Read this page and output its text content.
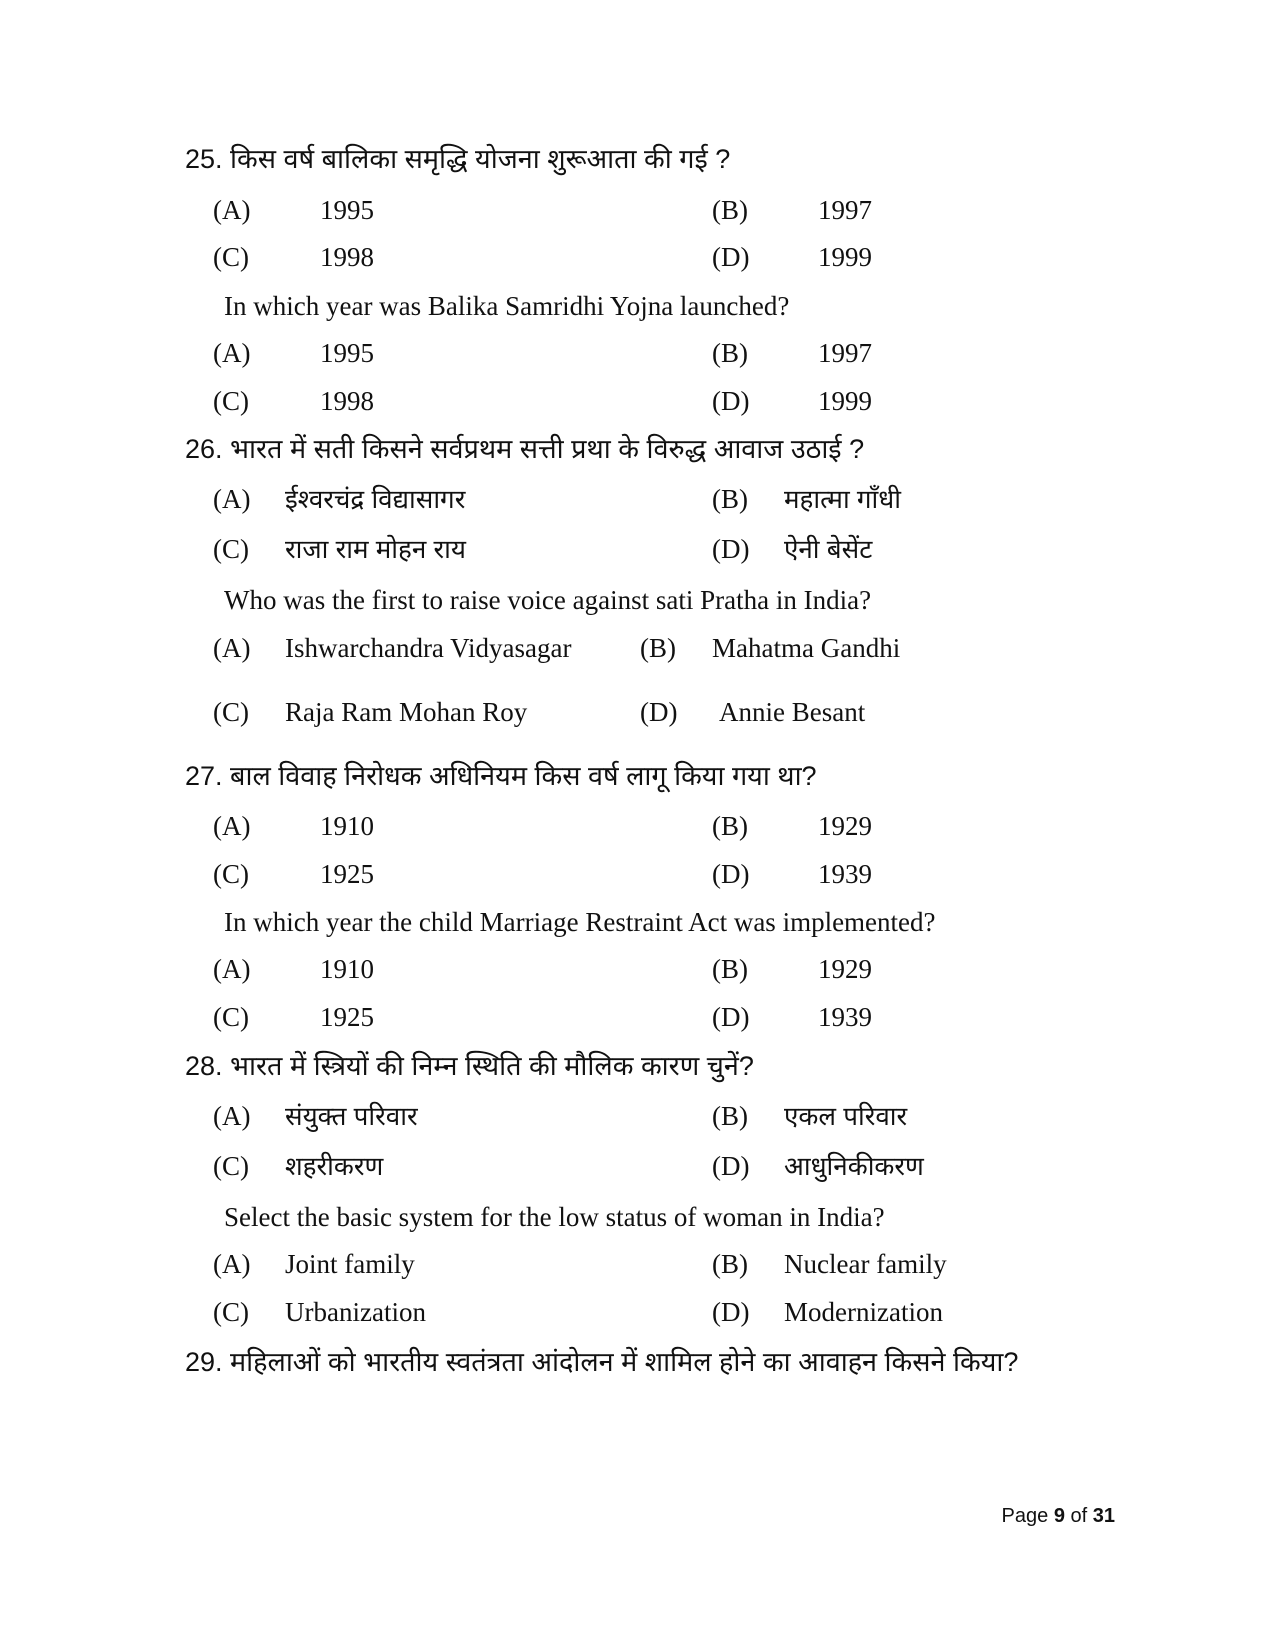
25. किस वर्ष बालिका समृद्धि योजना शुरूआता की गई ?
(A)	1995	(B)	1997
(C)	1998	(D)	1999
In which year was Balika Samridhi Yojna launched?
(A)	1995	(B)	1997
(C)	1998	(D)	1999
26. भारत में सती किसने सर्वप्रथम सत्ती प्रथा के विरुद्ध आवाज उठाई ?
(A) ईश्वरचंद्र विद्यासागर	(B) महात्मा गाँधी
(C) राजा राम मोहन राय	(D) ऐनी बेसेंट
Who was the first to raise voice against sati Pratha in India?
(A) Ishwarchandra Vidyasagar	(B) Mahatma Gandhi
(C) Raja Ram Mohan Roy	(D) Annie Besant
27. बाल विवाह निरोधक अधिनियम किस वर्ष लागू किया गया था?
(A)	1910	(B)	1929
(C)	1925	(D)	1939
In which year the child Marriage Restraint Act was implemented?
(A)	1910	(B)	1929
(C)	1925	(D)	1939
28. भारत में स्त्रियों की निम्न स्थिति की मौलिक कारण चुनें?
(A) संयुक्त परिवार	(B) एकल परिवार
(C) शहरीकरण	(D) आधुनिकीकरण
Select the basic system for the low status of woman in India?
(A) Joint family	(B) Nuclear family
(C) Urbanization	(D) Modernization
29. महिलाओं को भारतीय स्वतंत्रता आंदोलन में शामिल होने का आवाहन किसने किया?
Page 9 of 31
